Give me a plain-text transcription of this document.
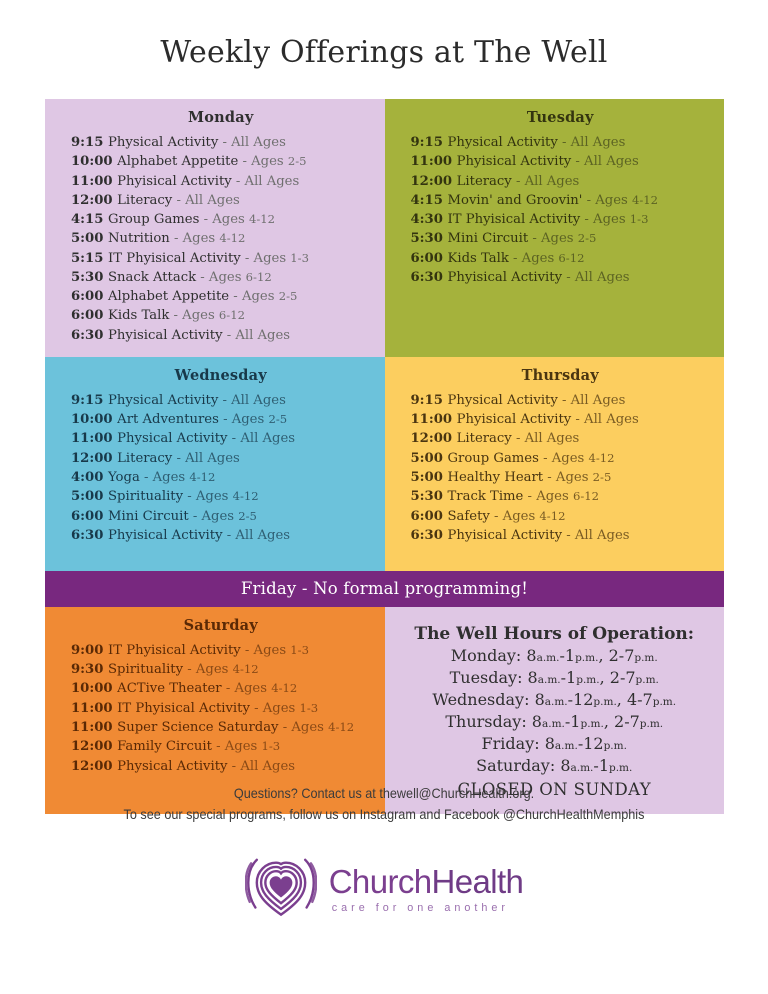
Weekly Offerings at The Well
Monday
9:15 Physical Activity - All Ages
10:00 Alphabet Appetite - Ages 2-5
11:00 Phyisical Activity - All Ages
12:00 Literacy - All Ages
4:15 Group Games - Ages 4-12
5:00 Nutrition - Ages 4-12
5:15 IT Phyisical Activity - Ages 1-3
5:30 Snack Attack - Ages 6-12
6:00 Alphabet Appetite - Ages 2-5
6:00 Kids Talk - Ages 6-12
6:30 Phyisical Activity - All Ages
Tuesday
9:15 Physical Activity - All Ages
11:00 Phyisical Activity - All Ages
12:00 Literacy - All Ages
4:15 Movin' and Groovin' - Ages 4-12
4:30 IT Phyisical Activity - Ages 1-3
5:30 Mini Circuit - Ages 2-5
6:00 Kids Talk - Ages 6-12
6:30 Phyisical Activity - All Ages
Wednesday
9:15 Physical Activity - All Ages
10:00 Art Adventures - Ages 2-5
11:00 Physical Activity - All Ages
12:00 Literacy - All Ages
4:00 Yoga - Ages 4-12
5:00 Spirituality - Ages 4-12
6:00 Mini Circuit - Ages 2-5
6:30 Phyisical Activity - All Ages
Thursday
9:15 Physical Activity - All Ages
11:00 Phyisical Activity - All Ages
12:00 Literacy - All Ages
5:00 Group Games - Ages 4-12
5:00 Healthy Heart - Ages 2-5
5:30 Track Time - Ages 6-12
6:00 Safety - Ages 4-12
6:30 Phyisical Activity - All Ages
Friday - No formal programming!
Saturday
9:00 IT Phyisical Activity - Ages 1-3
9:30 Spirituality - Ages 4-12
10:00 ACTive Theater - Ages 4-12
11:00 IT Phyisical Activity - Ages 1-3
11:00 Super Science Saturday - Ages 4-12
12:00 Family Circuit - Ages 1-3
12:00 Physical Activity - All Ages
The Well Hours of Operation:
Monday: 8a.m.-1p.m., 2-7p.m.
Tuesday: 8a.m.-1p.m., 2-7p.m.
Wednesday: 8a.m.-12p.m., 4-7p.m.
Thursday: 8a.m.-1p.m., 2-7p.m.
Friday: 8a.m.-12p.m.
Saturday: 8a.m.-1p.m.
CLOSED ON SUNDAY
Questions? Contact us at thewell@ChurchHealth.org.
To see our special programs, follow us on Instagram and Facebook @ChurchHealthMemphis
ChurchHealth
care for one another
